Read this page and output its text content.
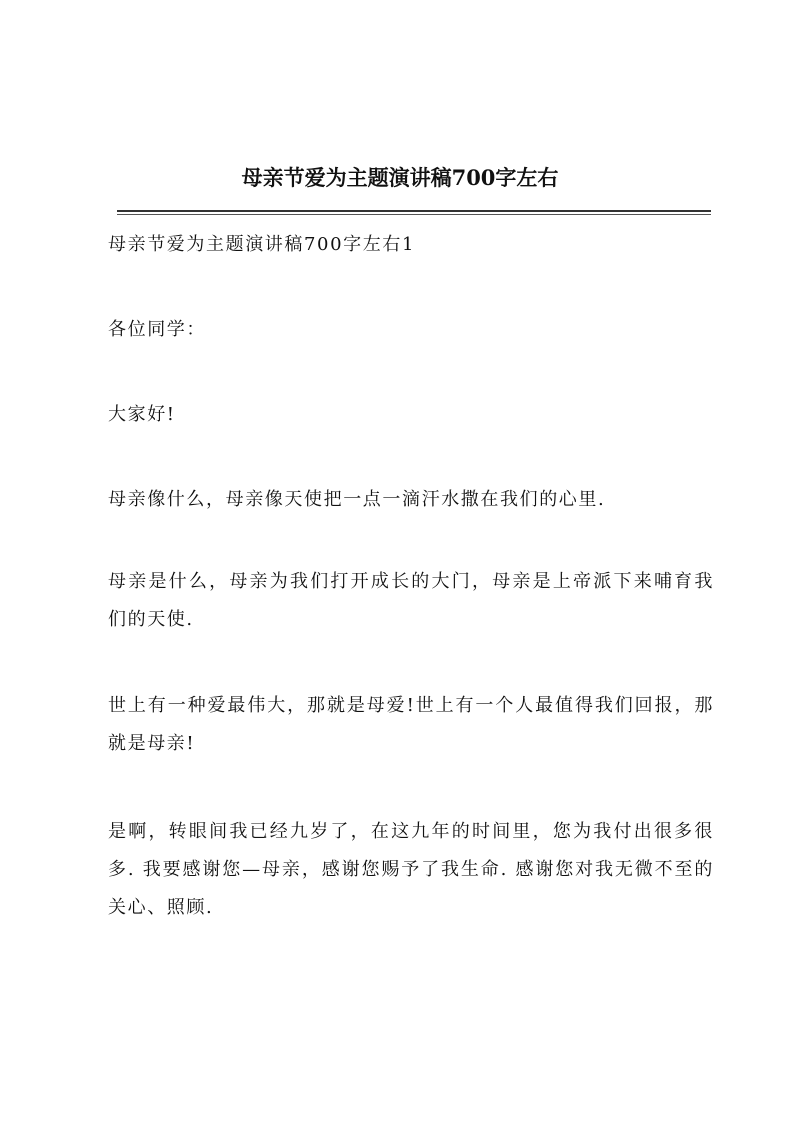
母亲节爱为主题演讲稿700字左右

母亲节爱为主题演讲稿700字左右1

各位同学：

大家好!

母亲像什么，母亲像天使把一点一滴汗水撒在我们的心里.

母亲是什么，母亲为我们打开成长的大门，母亲是上帝派下来哺育我们的天使.

世上有一种爱最伟大，那就是母爱!世上有一个人最值得我们回报，那就是母亲!

是啊，转眼间我已经九岁了，在这九年的时间里，您为我付出很多很多. 我要感谢您—母亲，感谢您赐予了我生命. 感谢您对我无微不至的关心、照顾.
